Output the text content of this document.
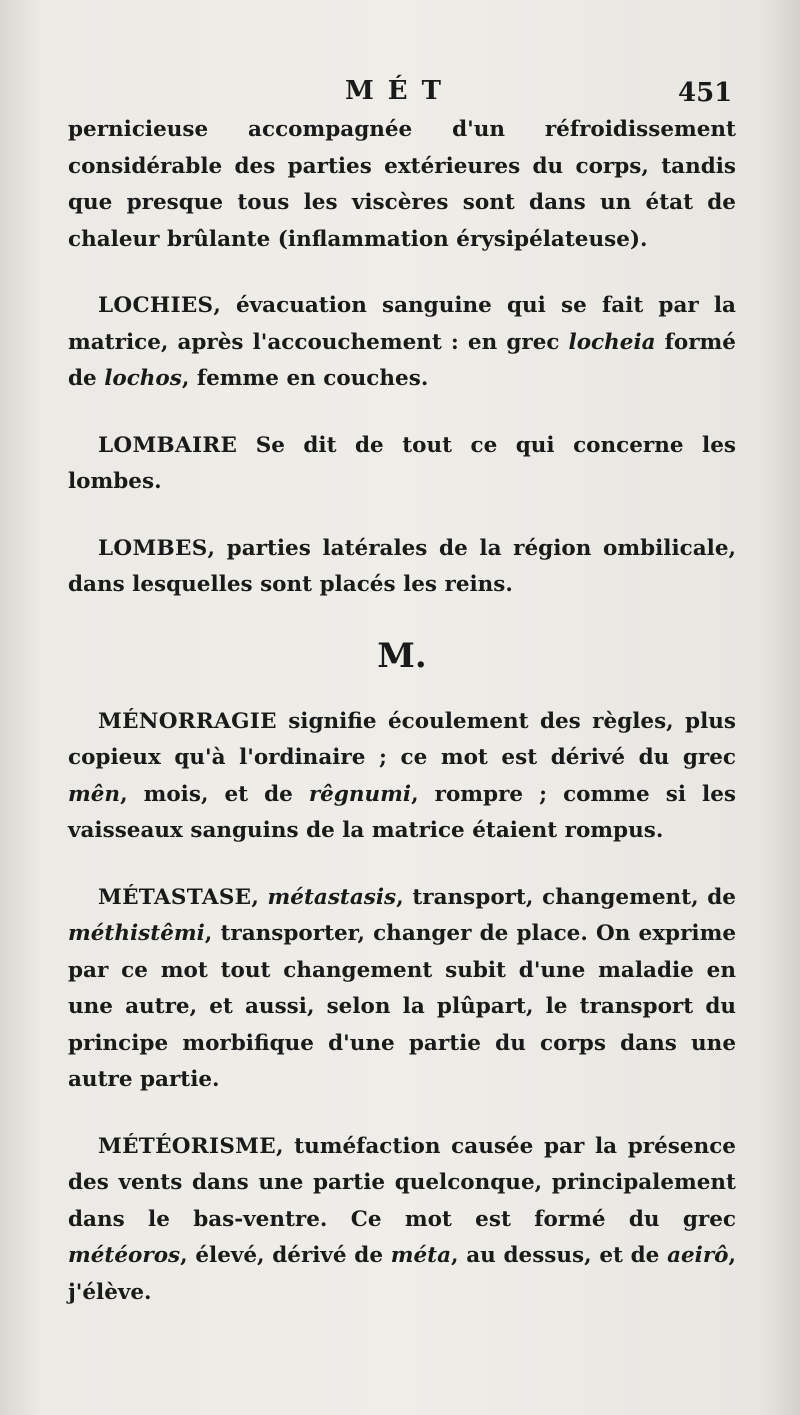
MÉT	451

pernicieuse accompagnée d'un réfroidissement considérable des parties extérieures du corps, tandis que presque tous les viscères sont dans un état de chaleur brûlante (inflammation érysipélateuse).

LOCHIES, évacuation sanguine qui se fait par la matrice, après l'accouchement : en grec locheia formé de lochos, femme en couches.

LOMBAIRE Se dit de tout ce qui concerne les lombes.

LOMBES, parties latérales de la région ombilicale, dans lesquelles sont placés les reins.

M.

MÉNORRAGIE signifie écoulement des règles, plus copieux qu'à l'ordinaire ; ce mot est dérivé du grec mên, mois, et de rêgnumi, rompre ; comme si les vaisseaux sanguins de la matrice étaient rompus.

MÉTASTASE, métastasis, transport, changement, de méthistêmi, transporter, changer de place. On exprime par ce mot tout changement subit d'une maladie en une autre, et aussi, selon la plûpart, le transport du principe morbifique d'une partie du corps dans une autre partie.

MÉTÉORISME, tuméfaction causée par la présence des vents dans une partie quelconque, principalement dans le bas-ventre. Ce mot est formé du grec météoros, élevé, dérivé de méta, au dessus, et de aeirô, j'élève.
